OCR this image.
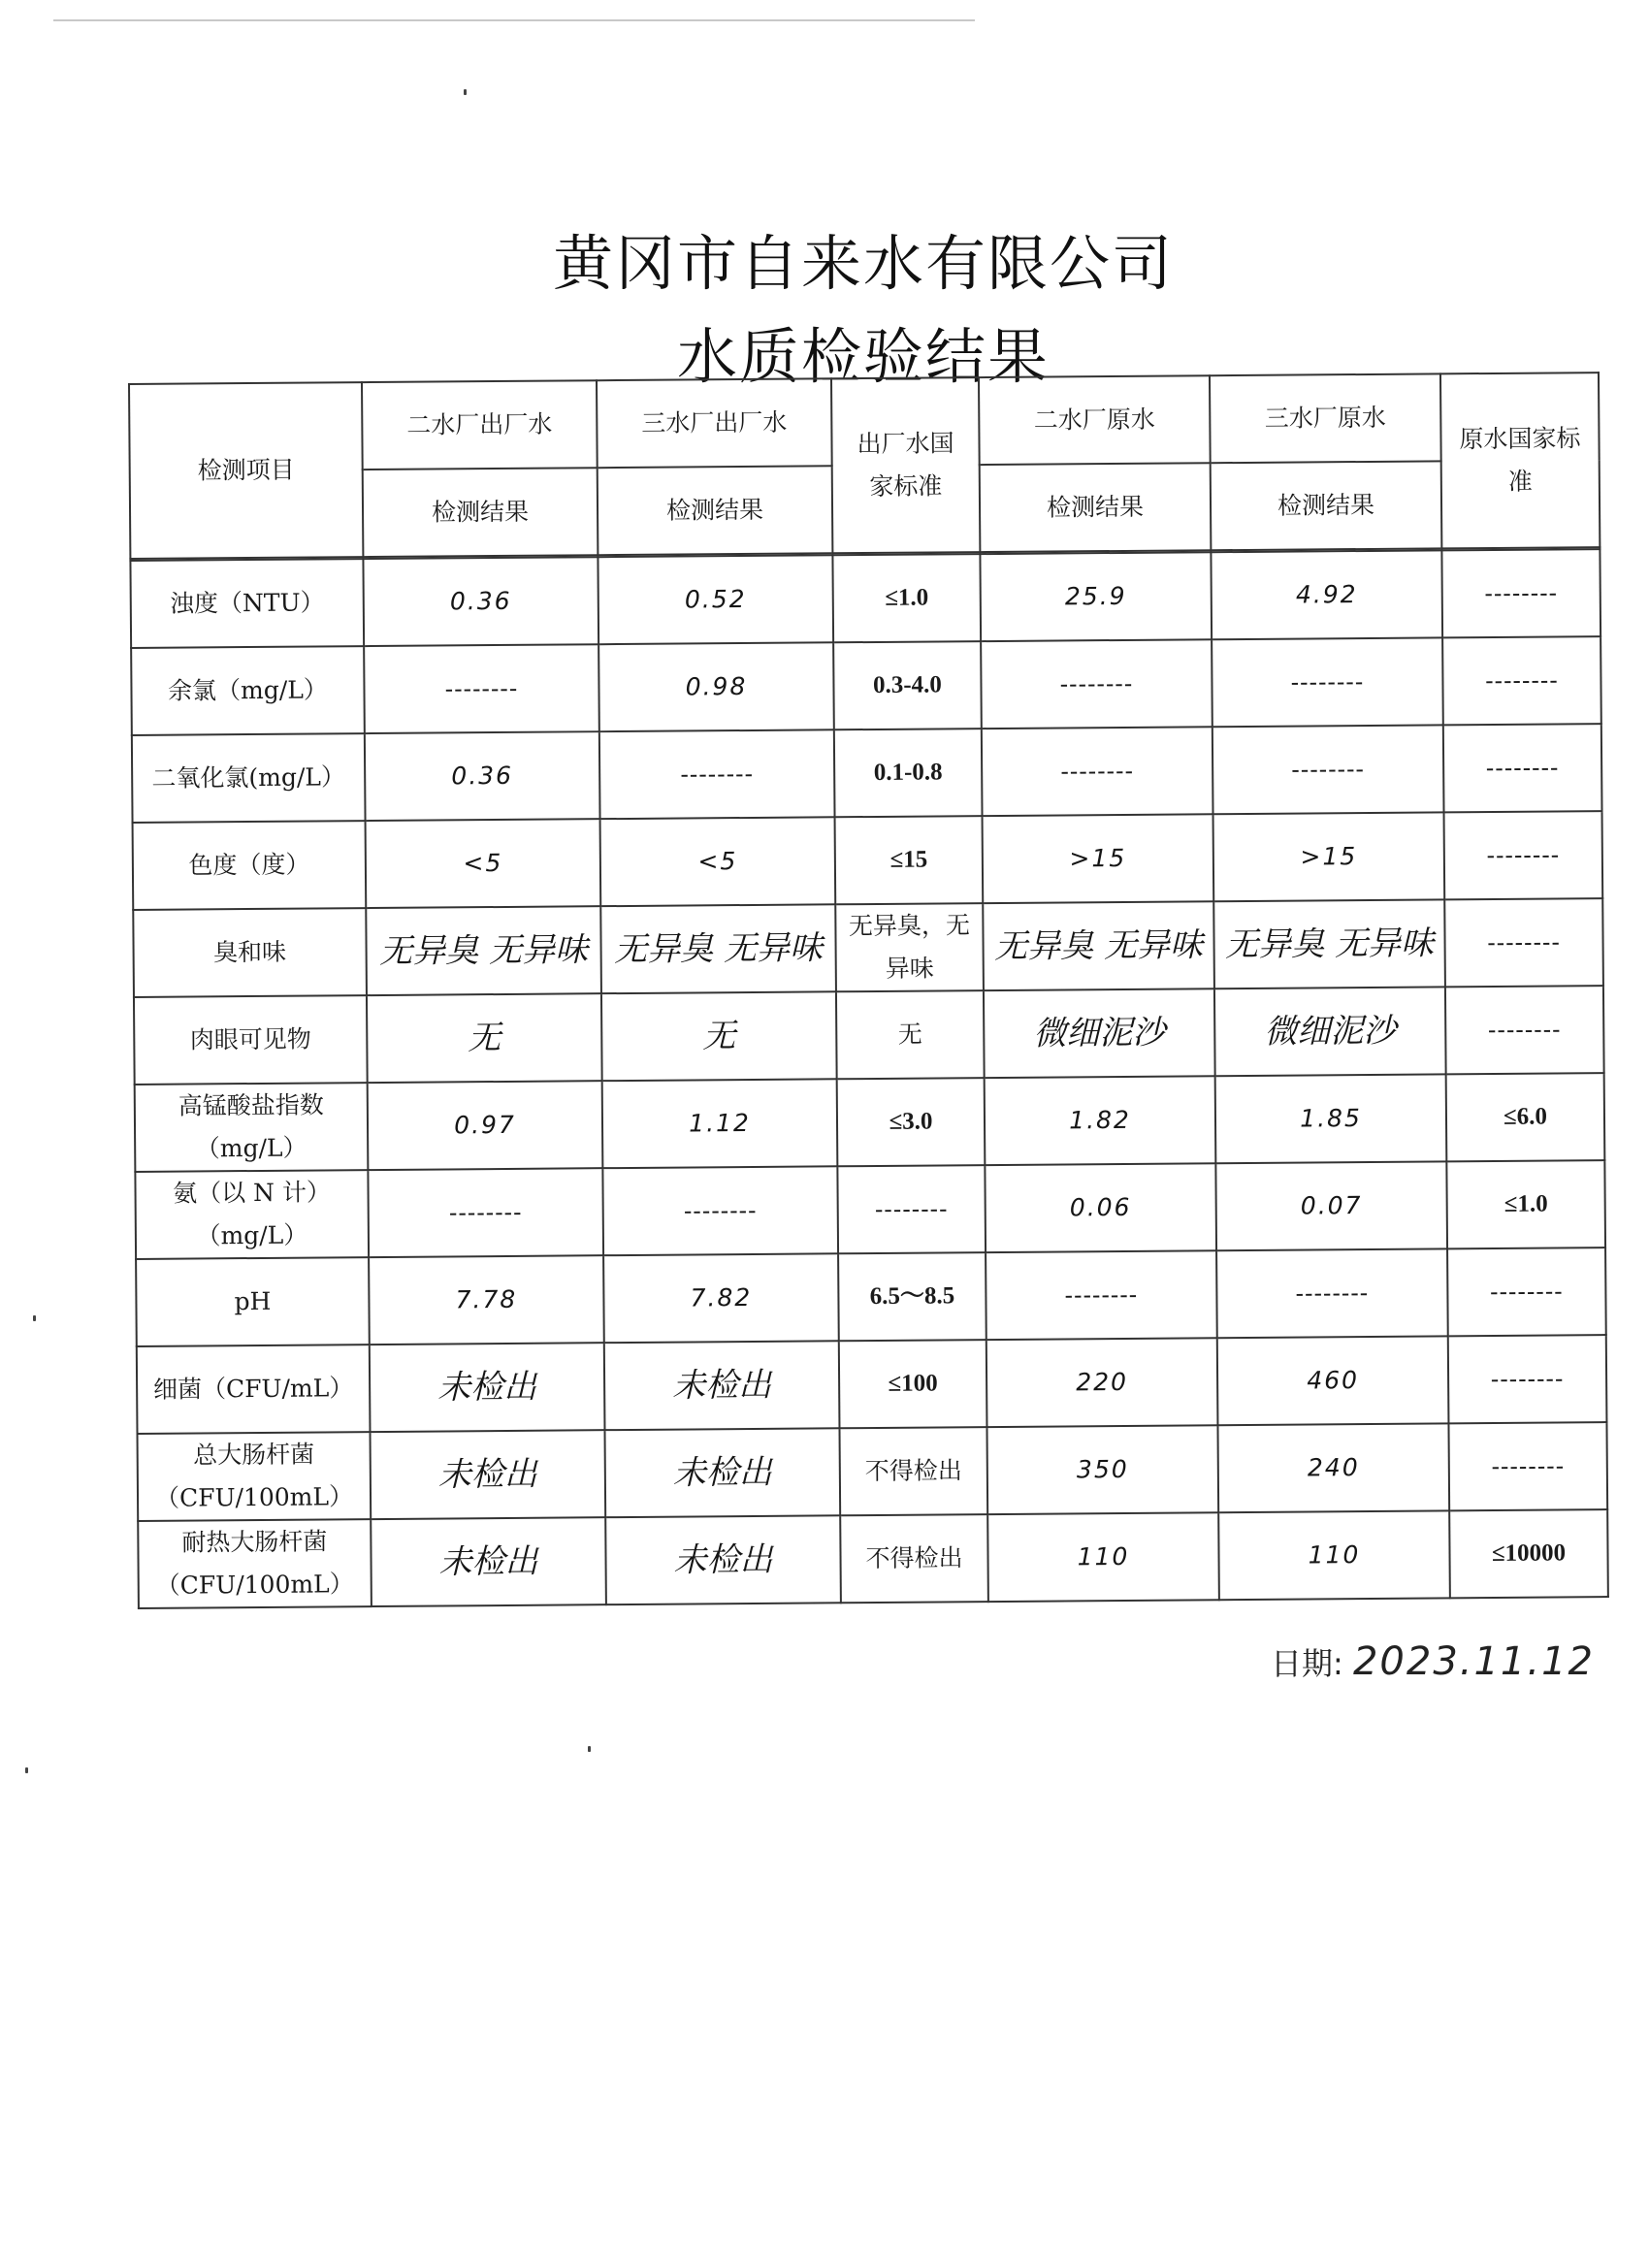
黄冈市自来水有限公司
水质检验结果
检测项目	二水厂出厂水	三水厂出厂水	出厂水国家标准	二水厂原水	三水厂原水	原水国家标准
	检测结果	检测结果		检测结果	检测结果	
浊度（NTU）	0.36	0.52	≤1.0	25.9	4.92	--------
余氯（mg/L）	--------	0.98	0.3-4.0	--------	--------	--------
二氧化氯(mg/L）	0.36	--------	0.1-0.8	--------	--------	--------
色度（度）	<5	<5	≤15	>15	>15	--------
臭和味	无异臭 无异味	无异臭 无异味	无异臭，无异味	无异臭 无异味	无异臭 无异味	--------
肉眼可见物	无	无	无	微细泥沙	微细泥沙	--------
高锰酸盐指数（mg/L）	0.97	1.12	≤3.0	1.82	1.85	≤6.0
氨（以 N 计）（mg/L）	--------	--------	--------	0.06	0.07	≤1.0
pH	7.78	7.82	6.5～8.5	--------	--------	--------
细菌（CFU/mL）	未检出	未检出	≤100	220	460	--------
总大肠杆菌（CFU/100mL）	未检出	未检出	不得检出	350	240	--------
耐热大肠杆菌（CFU/100mL）	未检出	未检出	不得检出	110	110	≤10000
日期: 2023.11.12
